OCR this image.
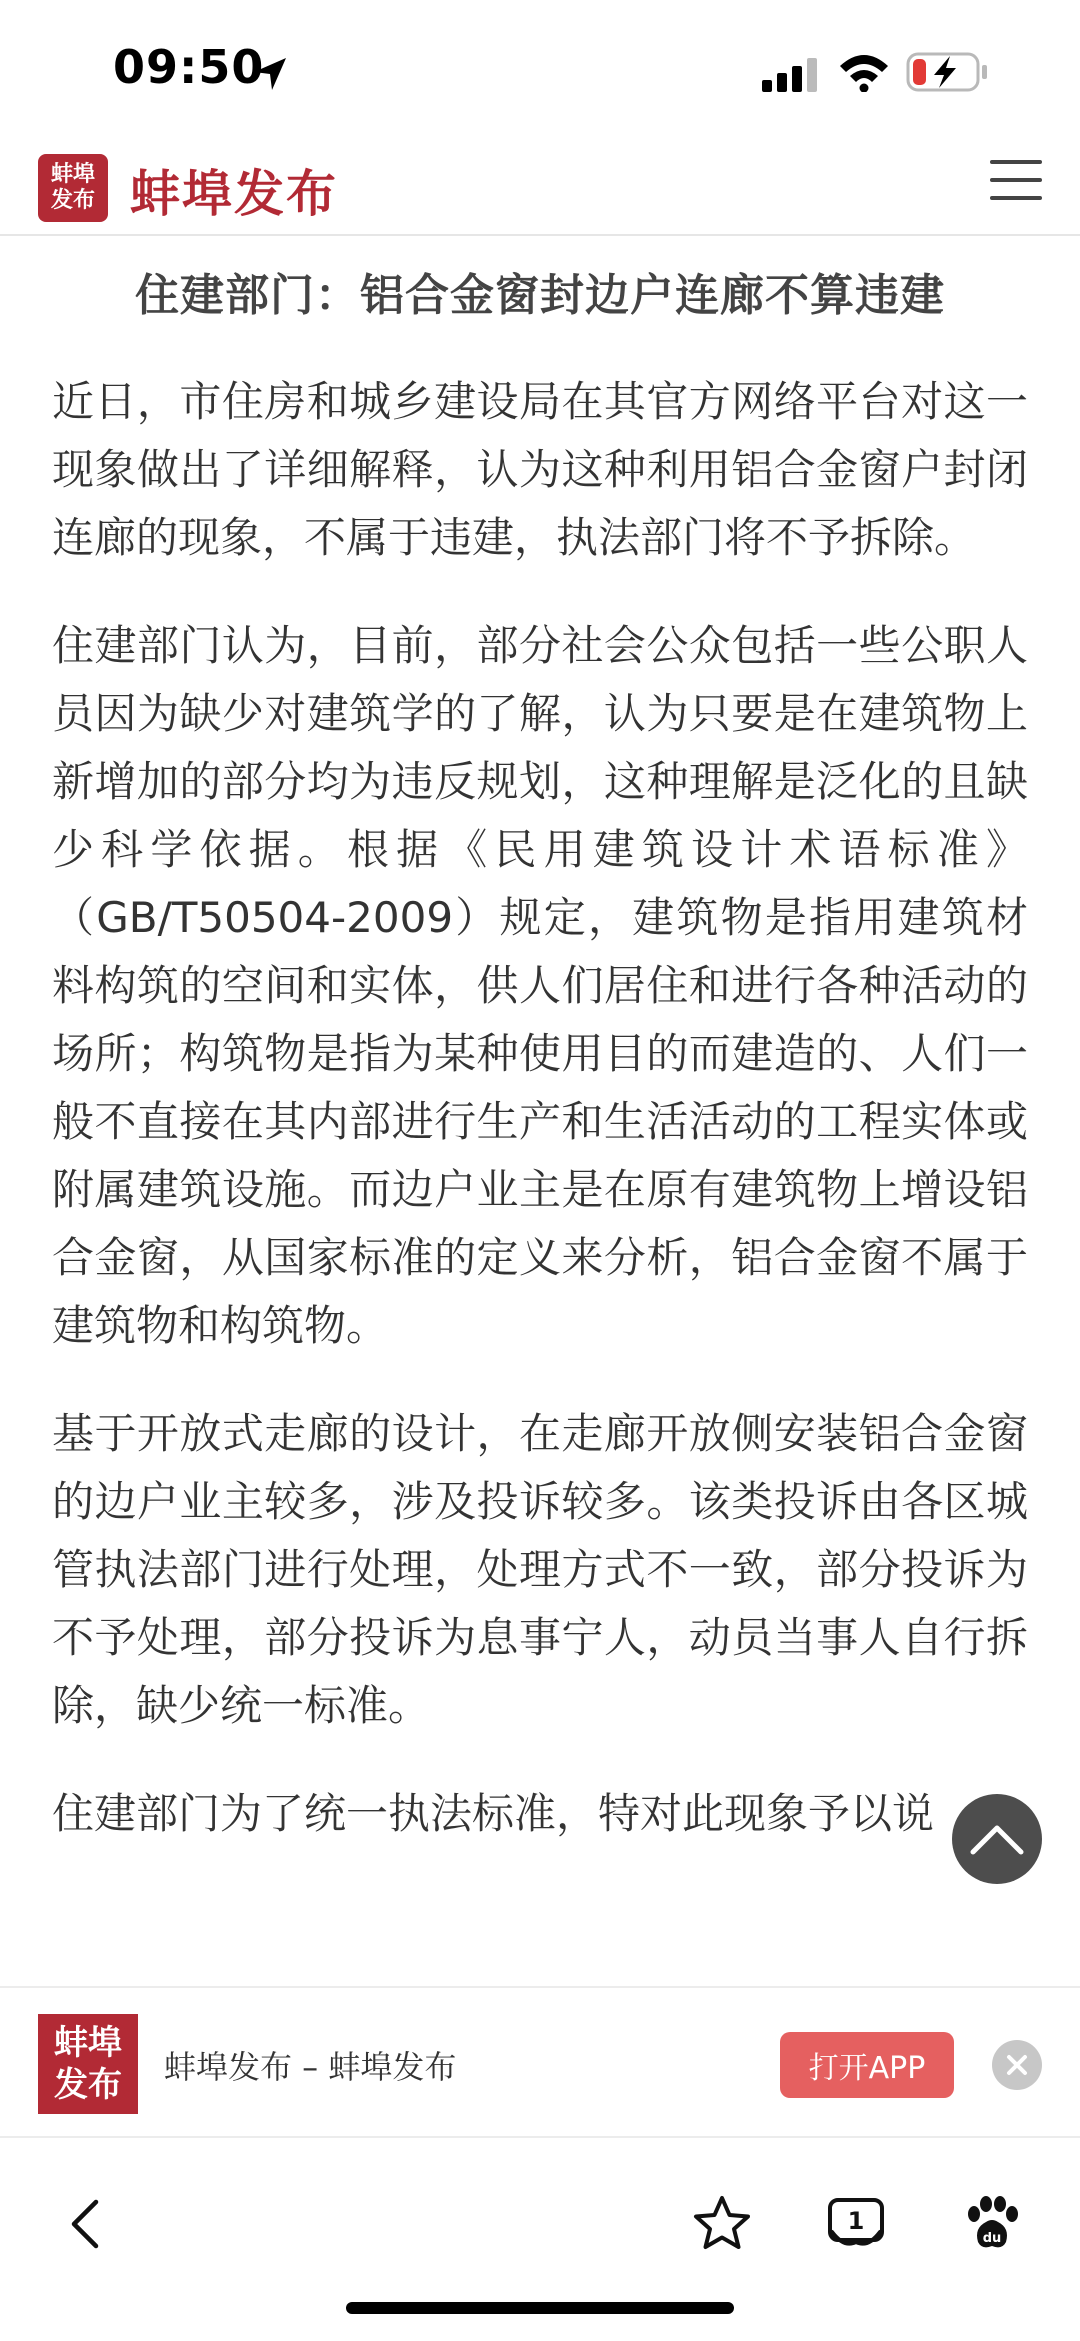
09:50
蚌埠发布 蚌埠发布
住建部门：铝合金窗封边户连廊不算违建

近日，市住房和城乡建设局在其官方网络平台对这一现象做出了详细解释，认为这种利用铝合金窗户封闭连廊的现象，不属于违建，执法部门将不予拆除。

住建部门认为，目前，部分社会公众包括一些公职人员因为缺少对建筑学的了解，认为只要是在建筑物上新增加的部分均为违反规划，这种理解是泛化的且缺少科学依据。根据《民用建筑设计术语标准》（GB/T50504-2009）规定，建筑物是指用建筑材料构筑的空间和实体，供人们居住和进行各种活动的场所；构筑物是指为某种使用目的而建造的、人们一般不直接在其内部进行生产和生活活动的工程实体或附属建筑设施。而边户业主是在原有建筑物上增设铝合金窗，从国家标准的定义来分析，铝合金窗不属于建筑物和构筑物。

基于开放式走廊的设计，在走廊开放侧安装铝合金窗的边户业主较多，涉及投诉较多。该类投诉由各区城管执法部门进行处理，处理方式不一致，部分投诉为不予处理，部分投诉为息事宁人，动员当事人自行拆除，缺少统一标准。

住建部门为了统一执法标准，特对此现象予以说

蚌埠发布	蚌埠发布 – 蚌埠发布	打开APP
1
du
